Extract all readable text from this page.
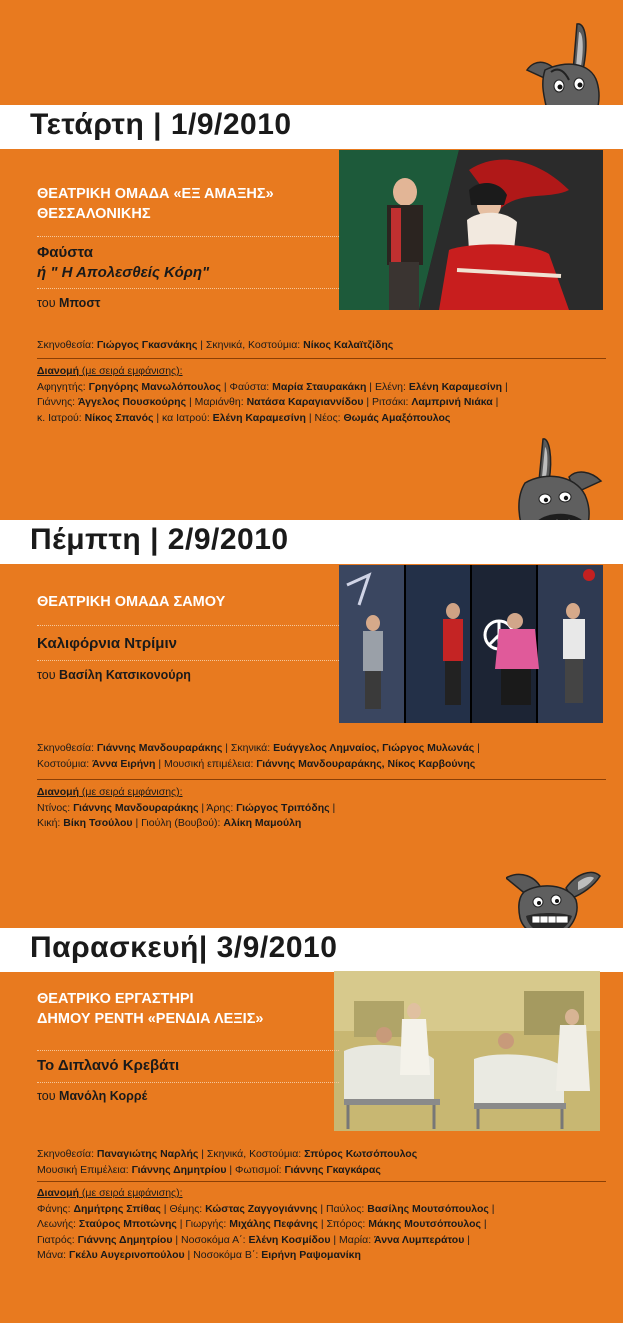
Τετάρτη | 1/9/2010
ΘΕΑΤΡΙΚΗ ΟΜΑΔΑ «ΕΞ ΑΜΑΞΗΣ»
ΘΕΣΣΑΛΟΝΙΚΗΣ
Φαύστα
ή " Η Απολεσθείς Κόρη"
του Μποστ
Σκηνοθεσία: Γιώργος Γκασνάκης | Σκηνικά, Κοστούμια: Νίκος Καλαϊτζίδης
Διανομή (με σειρά εμφάνισης):
Αφηγητής: Γρηγόρης Μανωλόπουλος | Φαύστα: Μαρία Σταυρακάκη | Ελένη: Ελένη Καραμεσίνη |
Γιάννης: Άγγελος Πουσκούρης | Μαριάνθη: Νατάσα Καραγιαννίδου | Ριτσάκι: Λαμπρινή Νιάκα |
κ. Ιατρού: Νίκος Σπανός | κα Ιατρού: Ελένη Καραμεσίνη | Νέος: Θωμάς Αμαξόπουλος
Πέμπτη | 2/9/2010
ΘΕΑΤΡΙΚΗ ΟΜΑΔΑ ΣΑΜΟΥ
Καλιφόρνια Ντρίμιν
του Βασίλη Κατσικονούρη
Σκηνοθεσία: Γιάννης Μανδουραράκης | Σκηνικά: Ευάγγελος Λημναίος, Γιώργος Μυλωνάς |
Κοστούμια: Άννα Ειρήνη | Μουσική επιμέλεια: Γιάννης Μανδουραράκης, Νίκος Καρβούνης
Διανομή (με σειρά εμφάνισης):
Ντίνος: Γιάννης Μανδουραράκης | Άρης: Γιώργος Τριπόδης |
Κική: Βίκη Τσούλου | Γιούλη (Βουβού): Αλίκη Μαμούλη
Παρασκευή| 3/9/2010
ΘΕΑΤΡΙΚΟ ΕΡΓΑΣΤΗΡΙ
ΔΗΜΟΥ ΡΕΝΤΗ «ΡΕΝΔΙΑ ΛΕΞΙΣ»
Το Διπλανό Κρεβάτι
του Μανόλη Κορρέ
Σκηνοθεσία: Παναγιώτης Ναρλής | Σκηνικά, Κοστούμια: Σπύρος Κωτσόπουλος
Μουσική Επιμέλεια: Γιάννης Δημητρίου | Φωτισμοί: Γιάννης Γκαγκάρας
Διανομή (με σειρά εμφάνισης):
Φάνης: Δημήτρης Σπίθας | Θέμης: Κώστας Ζαγγογιάννης | Παύλος: Βασίλης Μουτσόπουλος |
Λεωνής: Σταύρος Μποτώνης | Γιωργής: Μιχάλης Πεφάνης | Σπόρος: Μάκης Μουτσόπουλος |
Γιατρός: Γιάννης Δημητρίου | Νοσοκόμα Α΄: Ελένη Κοσμίδου | Μαρία: Άννα Λυμπεράτου |
Μάνα: Γκέλυ Αυγερινοπούλου | Νοσοκόμα Β΄: Ειρήνη Ραψομανίκη
